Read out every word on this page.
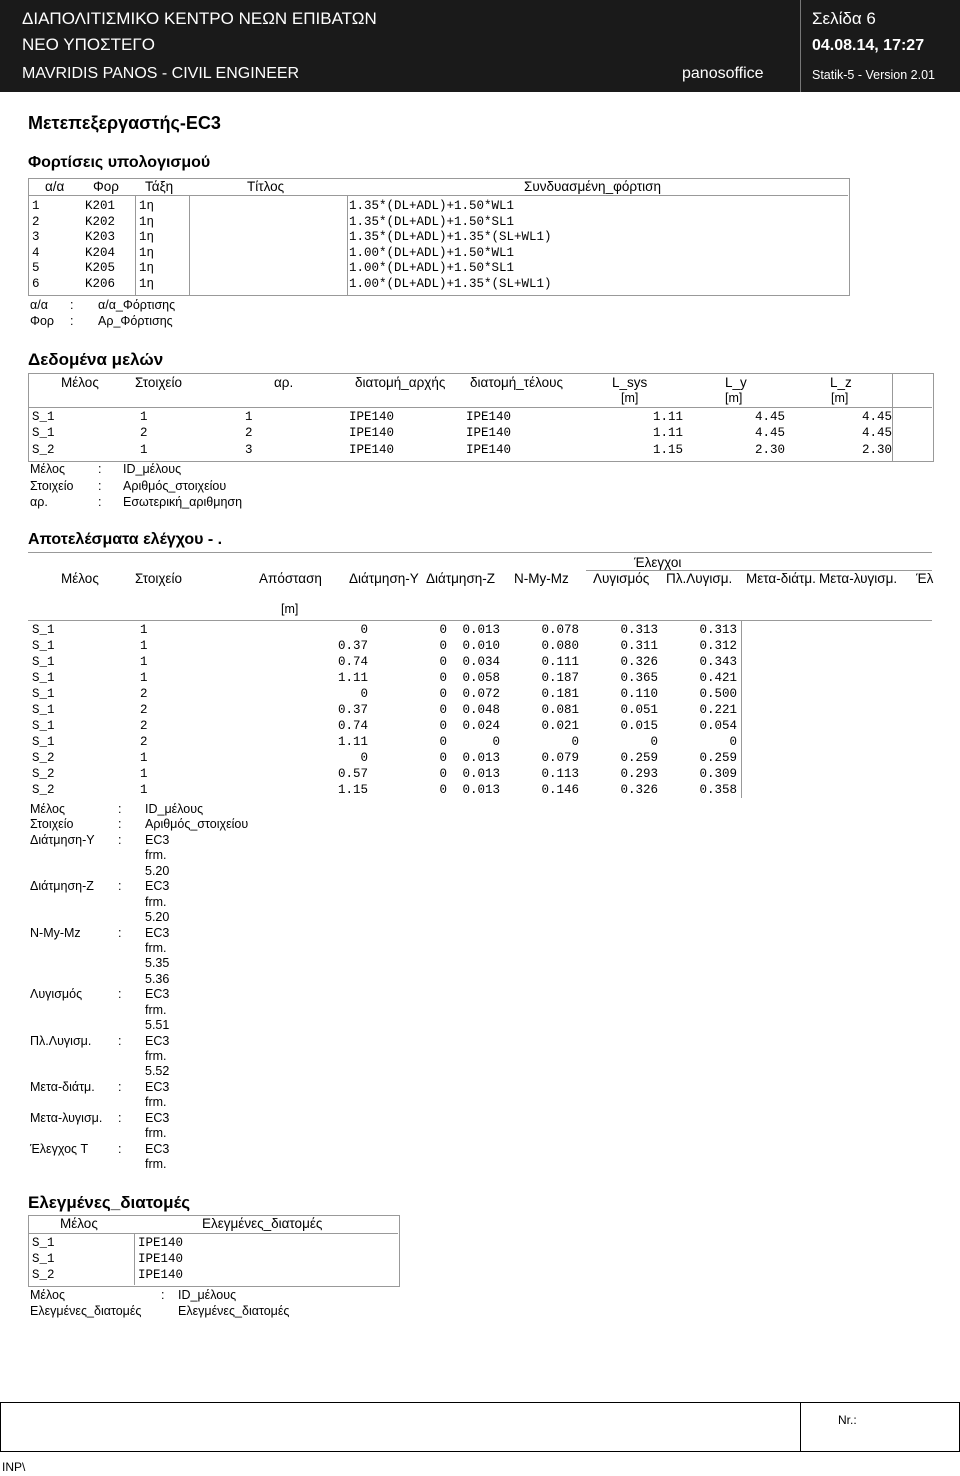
ΔΙΑΠΟΛΙΤΙΣΜΙΚΟ ΚΕΝΤΡΟ ΝΕΩΝ ΕΠΙΒΑΤΩΝ
ΝΕΟ ΥΠΟΣΤΕΓΟ
MAVRIDIS PANOS - CIVIL ENGINEER	panosoffice
Σελίδα 6
04.08.14, 17:27
Statik-5 - Version 2.01
Μετεπεξεργαστής-EC3
Φορτίσεις υπολογισμού
α/α Φορ Τάξη	Τίτλος	Συνδυασμένη_φόρτιση
1	K201 1η	1.35*(DL+ADL)+1.50*WL1
2	K202 1η	1.35*(DL+ADL)+1.50*SL1
3	K203 1η	1.35*(DL+ADL)+1.35*(SL+WL1)
4	K204 1η	1.00*(DL+ADL)+1.50*WL1
5	K205 1η	1.00*(DL+ADL)+1.50*SL1
6	K206 1η	1.00*(DL+ADL)+1.35*(SL+WL1)
α/α	:	α/α_Φόρτισης
Φορ	:	Αρ_Φόρτισης
Δεδομένα μελών
Μέλος	Στοιχείο	αρ.	διατομή_αρχής διατομή_τέλους	L_sys	L_y	L_z
[m]	[m]	[m]
S_1	1	1	IPE140	IPE140	1.11	4.45	4.45
S_1	2	2	IPE140	IPE140	1.11	4.45	4.45
S_2	1	3	IPE140	IPE140	1.15	2.30	2.30
Μέλος	:	ID_μέλους
Στοιχείο	:	Αριθμός_στοιχείου
αρ.	:	Εσωτερική_αριθμηση
Αποτελέσματα ελέγχου - .
Έλεγχοι
Μέλος	Στοιχείο	Απόσταση Διάτμηση-Y Διάτμηση-Z N-My-Mz Λυγισμός Πλ.Λυγισμ. Μετα-διάτμ. Μετα-λυγισμ. Έλ
[m]
S_1	1	0	0 0.013	0.078	0.313	0.313
S_1	1	0.37	0 0.010	0.080	0.311	0.312
S_1	1	0.74	0 0.034	0.111	0.326	0.343
S_1	1	1.11	0 0.058	0.187	0.365	0.421
S_1	2	0	0 0.072	0.181	0.110	0.500
S_1	2	0.37	0 0.048	0.081	0.051	0.221
S_1	2	0.74	0 0.024	0.021	0.015	0.054
S_1	2	1.11	0	0	0	0	0
S_2	1	0	0 0.013	0.079	0.259	0.259
S_2	1	0.57	0 0.013	0.113	0.293	0.309
S_2	1	1.15	0 0.013	0.146	0.326	0.358
Μέλος	:	ID_μέλους
Στοιχείο	:	Αριθμός_στοιχείου
Διάτμηση-Y	:	EC3
frm.
5.20
Διάτμηση-Z	:	EC3
frm.
5.20
N-My-Mz	:	EC3
frm.
5.35
5.36
Λυγισμός	:	EC3
frm.
5.51
Πλ.Λυγισμ.	:	EC3
frm.
5.52
Μετα-διάτμ.	:	EC3
frm.
Μετα-λυγισμ.	:	EC3
frm.
Έλεγχος T	:	EC3
frm.
Ελεγμένες_διατομές
Μέλος	Ελεγμένες_διατομές
S_1	IPE140
S_1	IPE140
S_2	IPE140
Μέλος	:	ID_μέλους
Ελεγμένες_διατομές	Ελεγμένες_διατομές
Nr.:
INP\
